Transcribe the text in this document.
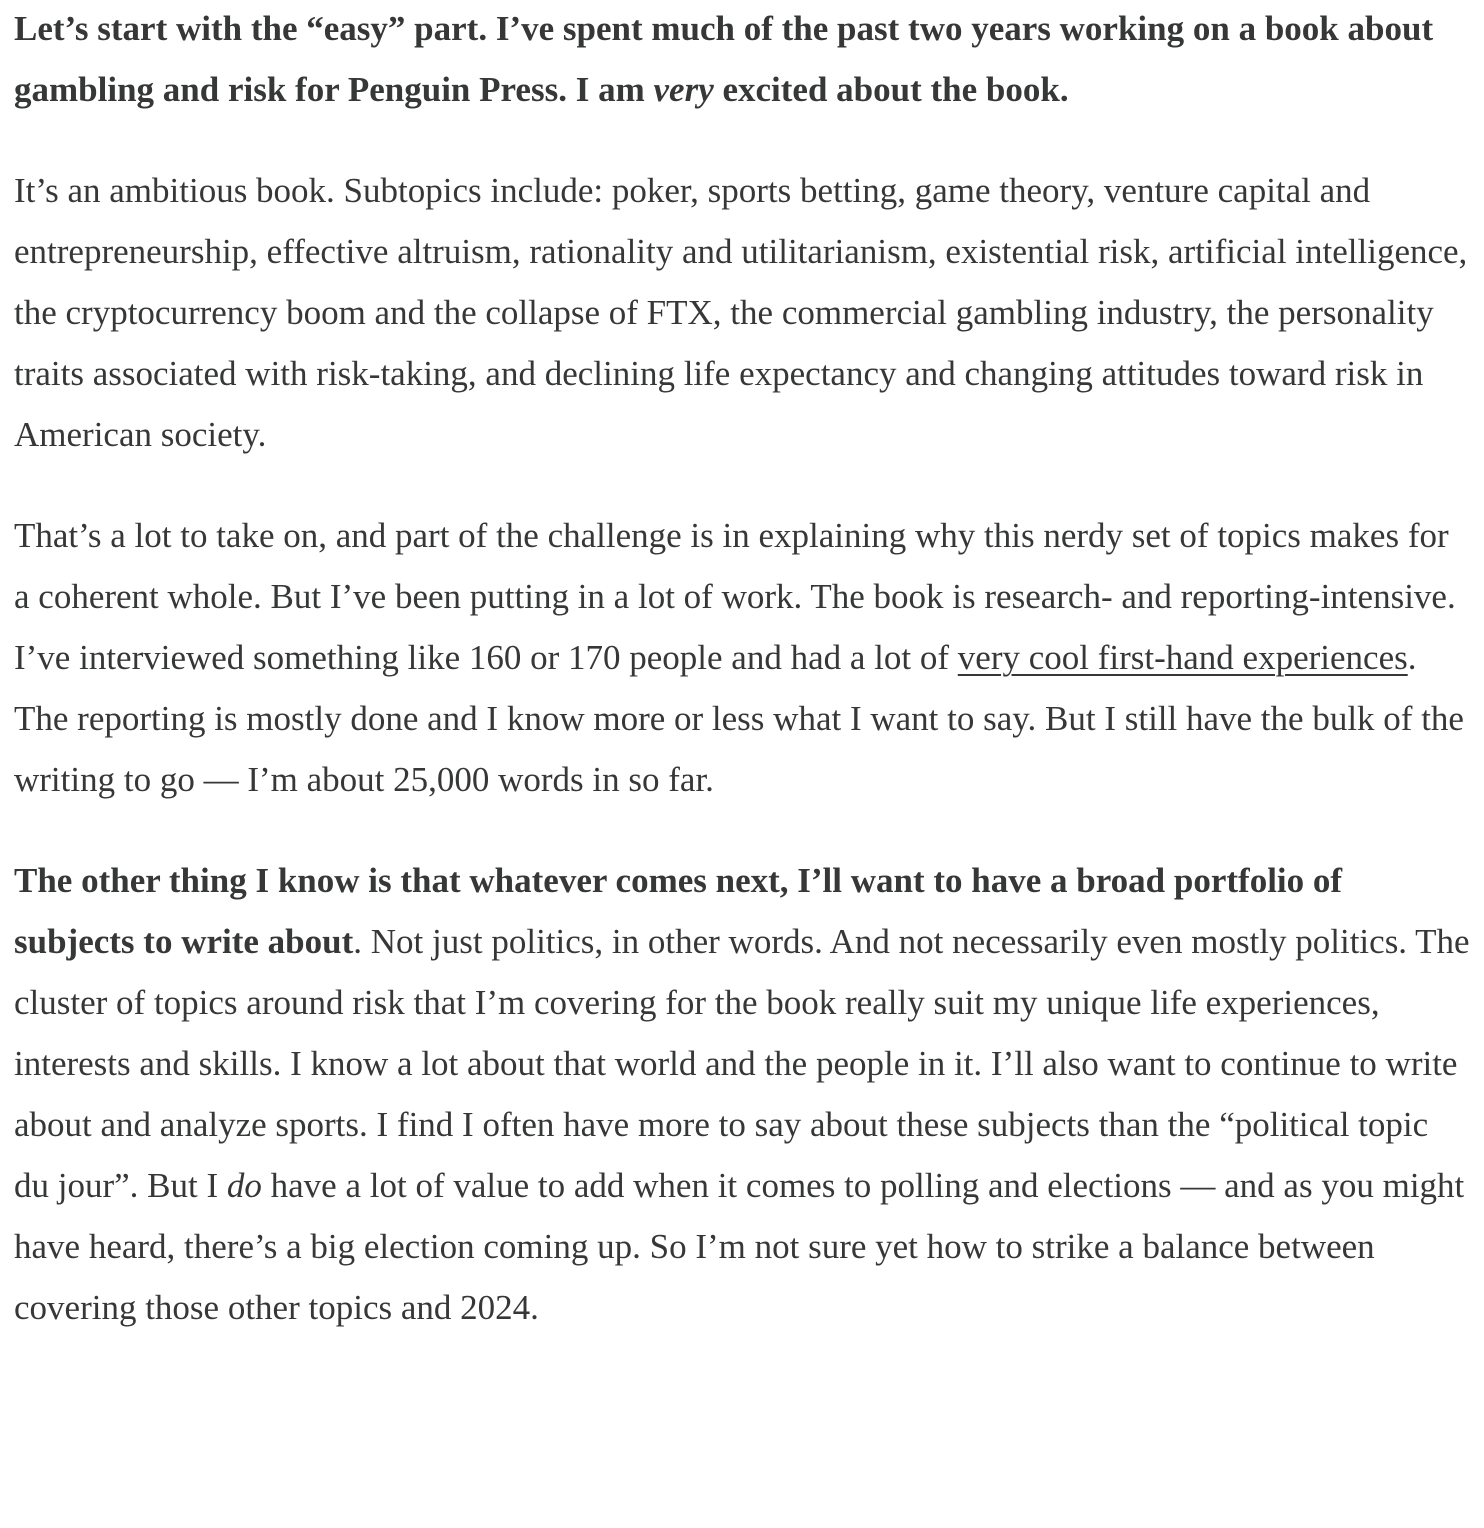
Let’s start with the “easy” part. I’ve spent much of the past two years working on a book about gambling and risk for Penguin Press. I am very excited about the book.

It’s an ambitious book. Subtopics include: poker, sports betting, game theory, venture capital and entrepreneurship, effective altruism, rationality and utilitarianism, existential risk, artificial intelligence, the cryptocurrency boom and the collapse of FTX, the commercial gambling industry, the personality traits associated with risk-taking, and declining life expectancy and changing attitudes toward risk in American society.

That’s a lot to take on, and part of the challenge is in explaining why this nerdy set of topics makes for a coherent whole. But I’ve been putting in a lot of work. The book is research- and reporting-intensive. I’ve interviewed something like 160 or 170 people and had a lot of very cool first-hand experiences. The reporting is mostly done and I know more or less what I want to say. But I still have the bulk of the writing to go — I’m about 25,000 words in so far.

The other thing I know is that whatever comes next, I’ll want to have a broad portfolio of subjects to write about. Not just politics, in other words. And not necessarily even mostly politics. The cluster of topics around risk that I’m covering for the book really suit my unique life experiences, interests and skills. I know a lot about that world and the people in it. I’ll also want to continue to write about and analyze sports. I find I often have more to say about these subjects than the “political topic du jour”. But I do have a lot of value to add when it comes to polling and elections — and as you might have heard, there’s a big election coming up. So I’m not sure yet how to strike a balance between covering those other topics and 2024.
